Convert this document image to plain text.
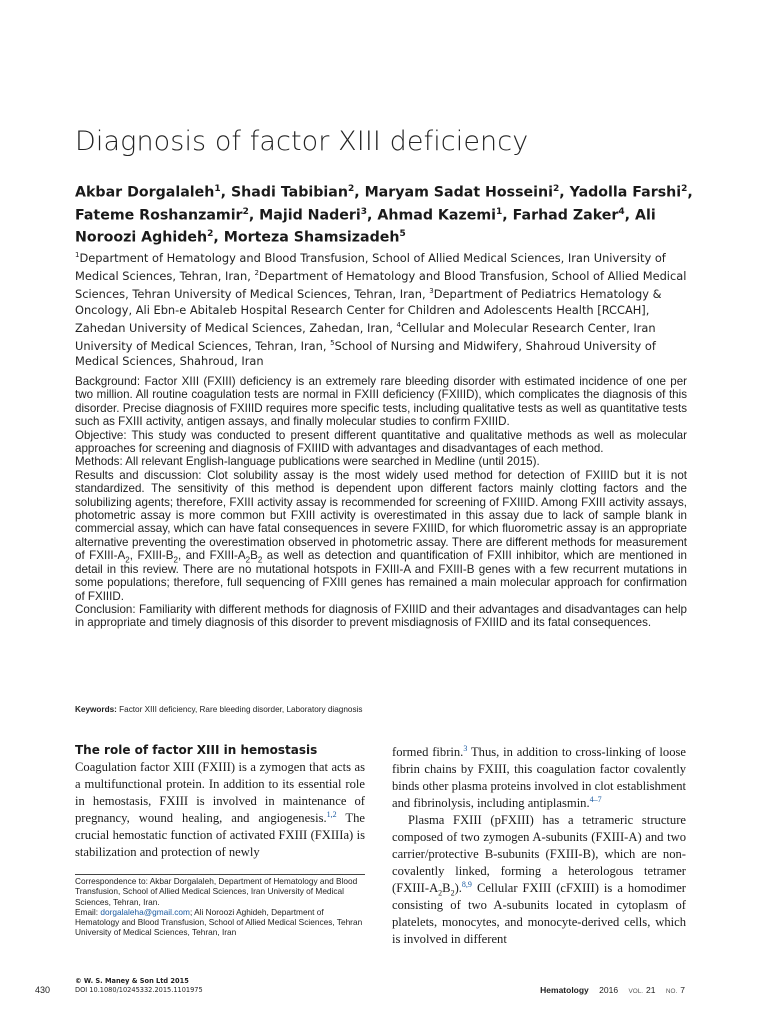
Diagnosis of factor XIII deficiency

Akbar Dorgalaleh$^1$, Shadi Tabibian$^2$, Maryam Sadat Hosseini$^2$, Yadolla Farshi$^2$, Fateme Roshanzamir$^2$, Majid Naderi$^3$, Ahmad Kazemi$^1$, Farhad Zaker$^4$, Ali Noroozi Aghideh$^2$, Morteza Shamsizadeh$^5$

$^1$Department of Hematology and Blood Transfusion, School of Allied Medical Sciences, Iran University of Medical Sciences, Tehran, Iran, $^2$Department of Hematology and Blood Transfusion, School of Allied Medical Sciences, Tehran University of Medical Sciences, Tehran, Iran, $^3$Department of Pediatrics Hematology & Oncology, Ali Ebn-e Abitaleb Hospital Research Center for Children and Adolescents Health [RCCAH], Zahedan University of Medical Sciences, Zahedan, Iran, $^4$Cellular and Molecular Research Center, Iran University of Medical Sciences, Tehran, Iran, $^5$School of Nursing and Midwifery, Shahroud University of Medical Sciences, Shahroud, Iran

Background: Factor XIII (FXIII) deficiency is an extremely rare bleeding disorder with estimated incidence of one per two million. All routine coagulation tests are normal in FXIII deficiency (FXIIID), which complicates the diagnosis of this disorder. Precise diagnosis of FXIIID requires more specific tests, including qualitative tests as well as quantitative tests such as FXIII activity, antigen assays, and finally molecular studies to confirm FXIIID.

Objective: This study was conducted to present different quantitative and qualitative methods as well as molecular approaches for screening and diagnosis of FXIIID with advantages and disadvantages of each method.

Methods: All relevant English-language publications were searched in Medline (until 2015).

Results and discussion: Clot solubility assay is the most widely used method for detection of FXIIID but it is not standardized. The sensitivity of this method is dependent upon different factors mainly clotting factors and the solubilizing agents; therefore, FXIII activity assay is recommended for screening of FXIIID. Among FXIII activity assays, photometric assay is more common but FXIII activity is overestimated in this assay due to lack of sample blank in commercial assay, which can have fatal consequences in severe FXIIID, for which fluorometric assay is an appropriate alternative preventing the overestimation observed in photometric assay. There are different methods for measurement of FXIII-$A_2$, FXIII-$B_2$, and FXIII-$A_2B_2$ as well as detection and quantification of FXIII inhibitor, which are mentioned in detail in this review. There are no mutational hotspots in FXIII-A and FXIII-B genes with a few recurrent mutations in some populations; therefore, full sequencing of FXIII genes has remained a main molecular approach for confirmation of FXIIID.

Conclusion: Familiarity with different methods for diagnosis of FXIIID and their advantages and disadvantages can help in appropriate and timely diagnosis of this disorder to prevent misdiagnosis of FXIIID and its fatal consequences.

Keywords: Factor XIII deficiency, Rare bleeding disorder, Laboratory diagnosis

The role of factor XIII in hemostasis

Coagulation factor XIII (FXIII) is a zymogen that acts as a multifunctional protein. In addition to its essential role in hemostasis, FXIII is involved in maintenance of pregnancy, wound healing, and angiogenesis.$^{1,2}$ The crucial hemostatic function of activated FXIII (FXIIIa) is stabilization and protection of newly

formed fibrin.$^3$ Thus, in addition to cross-linking of loose fibrin chains by FXIII, this coagulation factor covalently binds other plasma proteins involved in clot establishment and fibrinolysis, including antiplasmin.$^{4-7}$

Plasma FXIII (pFXIII) has a tetrameric structure composed of two zymogen A-subunits (FXIII-A) and two carrier/protective B-subunits (FXIII-B), which are non-covalently linked, forming a heterologous tetramer $(FXIII-A_2B_2).^{8,9}$ Cellular FXIII (cFXIII) is a homodimer consisting of two A-subunits located in cytoplasm of platelets, monocytes, and monocyte-derived cells, which is involved in different

Correspondence to: Akbar Dorgalaleh, Department of Hematology and Blood Transfusion, School of Allied Medical Sciences, Iran University of Medical Sciences, Tehran, Iran.

Email: dorgalaleha@gmail.com; Ali Noroozi Aghideh, Department of Hematology and Blood Transfusion, School of Allied Medical Sciences, Tehran University of Medical Sciences, Tehran, Iran

430
© W. S. Maney & Son Ltd 2015
DOI 10.1080/10245332.2015.1101975	Hematology 2016 VOL. 21 NO. 7
